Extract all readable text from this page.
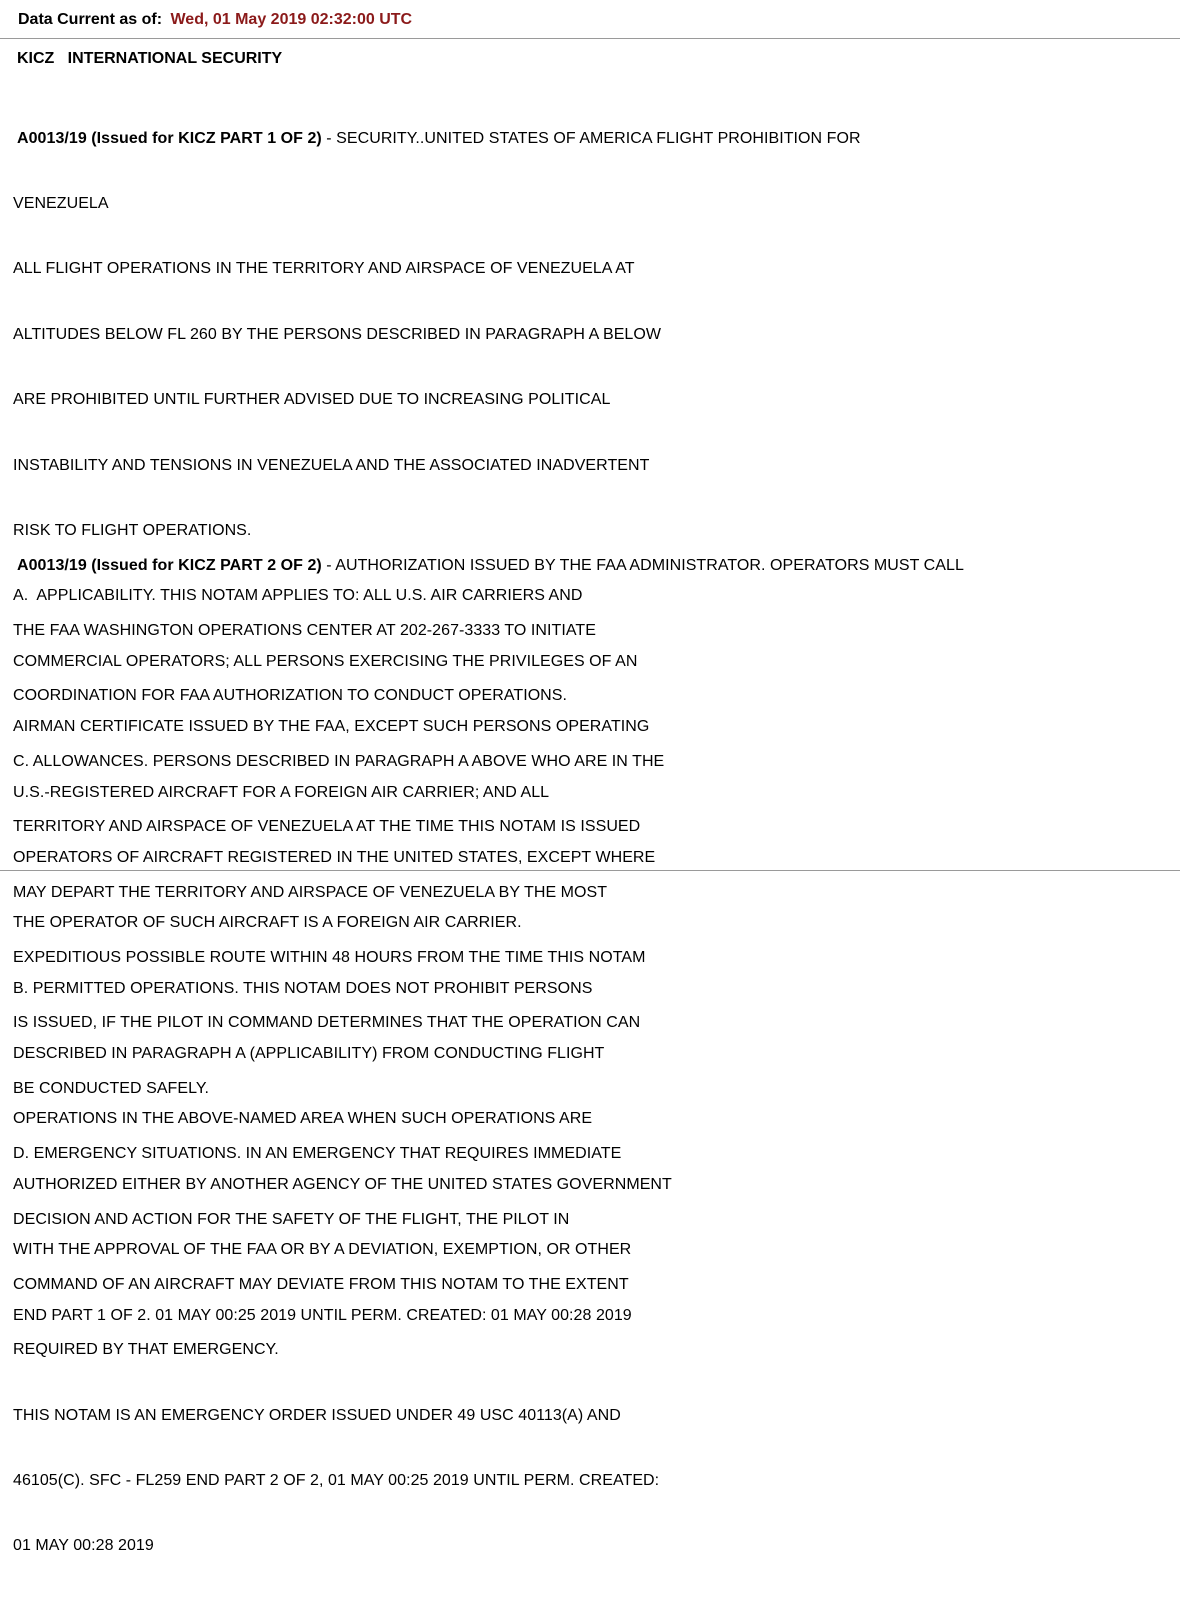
Data Current as of: Wed, 01 May 2019 02:32:00 UTC
KICZ   INTERNATIONAL SECURITY

A0013/19 (Issued for KICZ PART 1 OF 2) - SECURITY..UNITED STATES OF AMERICA FLIGHT PROHIBITION FOR

VENEZUELA

ALL FLIGHT OPERATIONS IN THE TERRITORY AND AIRSPACE OF VENEZUELA AT

ALTITUDES BELOW FL 260 BY THE PERSONS DESCRIBED IN PARAGRAPH A BELOW

ARE PROHIBITED UNTIL FURTHER ADVISED DUE TO INCREASING POLITICAL

INSTABILITY AND TENSIONS IN VENEZUELA AND THE ASSOCIATED INADVERTENT

RISK TO FLIGHT OPERATIONS.

A.  APPLICABILITY. THIS NOTAM APPLIES TO: ALL U.S. AIR CARRIERS AND

COMMERCIAL OPERATORS; ALL PERSONS EXERCISING THE PRIVILEGES OF AN

AIRMAN CERTIFICATE ISSUED BY THE FAA, EXCEPT SUCH PERSONS OPERATING

U.S.-REGISTERED AIRCRAFT FOR A FOREIGN AIR CARRIER; AND ALL

OPERATORS OF AIRCRAFT REGISTERED IN THE UNITED STATES, EXCEPT WHERE

THE OPERATOR OF SUCH AIRCRAFT IS A FOREIGN AIR CARRIER.

B. PERMITTED OPERATIONS. THIS NOTAM DOES NOT PROHIBIT PERSONS

DESCRIBED IN PARAGRAPH A (APPLICABILITY) FROM CONDUCTING FLIGHT

OPERATIONS IN THE ABOVE-NAMED AREA WHEN SUCH OPERATIONS ARE

AUTHORIZED EITHER BY ANOTHER AGENCY OF THE UNITED STATES GOVERNMENT

WITH THE APPROVAL OF THE FAA OR BY A DEVIATION, EXEMPTION, OR OTHER

END PART 1 OF 2. 01 MAY 00:25 2019 UNTIL PERM. CREATED: 01 MAY 00:28 2019

A0013/19 (Issued for KICZ PART 2 OF 2) - AUTHORIZATION ISSUED BY THE FAA ADMINISTRATOR. OPERATORS MUST CALL

THE FAA WASHINGTON OPERATIONS CENTER AT 202-267-3333 TO INITIATE

COORDINATION FOR FAA AUTHORIZATION TO CONDUCT OPERATIONS.

C. ALLOWANCES. PERSONS DESCRIBED IN PARAGRAPH A ABOVE WHO ARE IN THE

TERRITORY AND AIRSPACE OF VENEZUELA AT THE TIME THIS NOTAM IS ISSUED

MAY DEPART THE TERRITORY AND AIRSPACE OF VENEZUELA BY THE MOST

EXPEDITIOUS POSSIBLE ROUTE WITHIN 48 HOURS FROM THE TIME THIS NOTAM

IS ISSUED, IF THE PILOT IN COMMAND DETERMINES THAT THE OPERATION CAN

BE CONDUCTED SAFELY.

D. EMERGENCY SITUATIONS. IN AN EMERGENCY THAT REQUIRES IMMEDIATE

DECISION AND ACTION FOR THE SAFETY OF THE FLIGHT, THE PILOT IN

COMMAND OF AN AIRCRAFT MAY DEVIATE FROM THIS NOTAM TO THE EXTENT

REQUIRED BY THAT EMERGENCY.

THIS NOTAM IS AN EMERGENCY ORDER ISSUED UNDER 49 USC 40113(A) AND

46105(C). SFC - FL259 END PART 2 OF 2, 01 MAY 00:25 2019 UNTIL PERM. CREATED:

01 MAY 00:28 2019
